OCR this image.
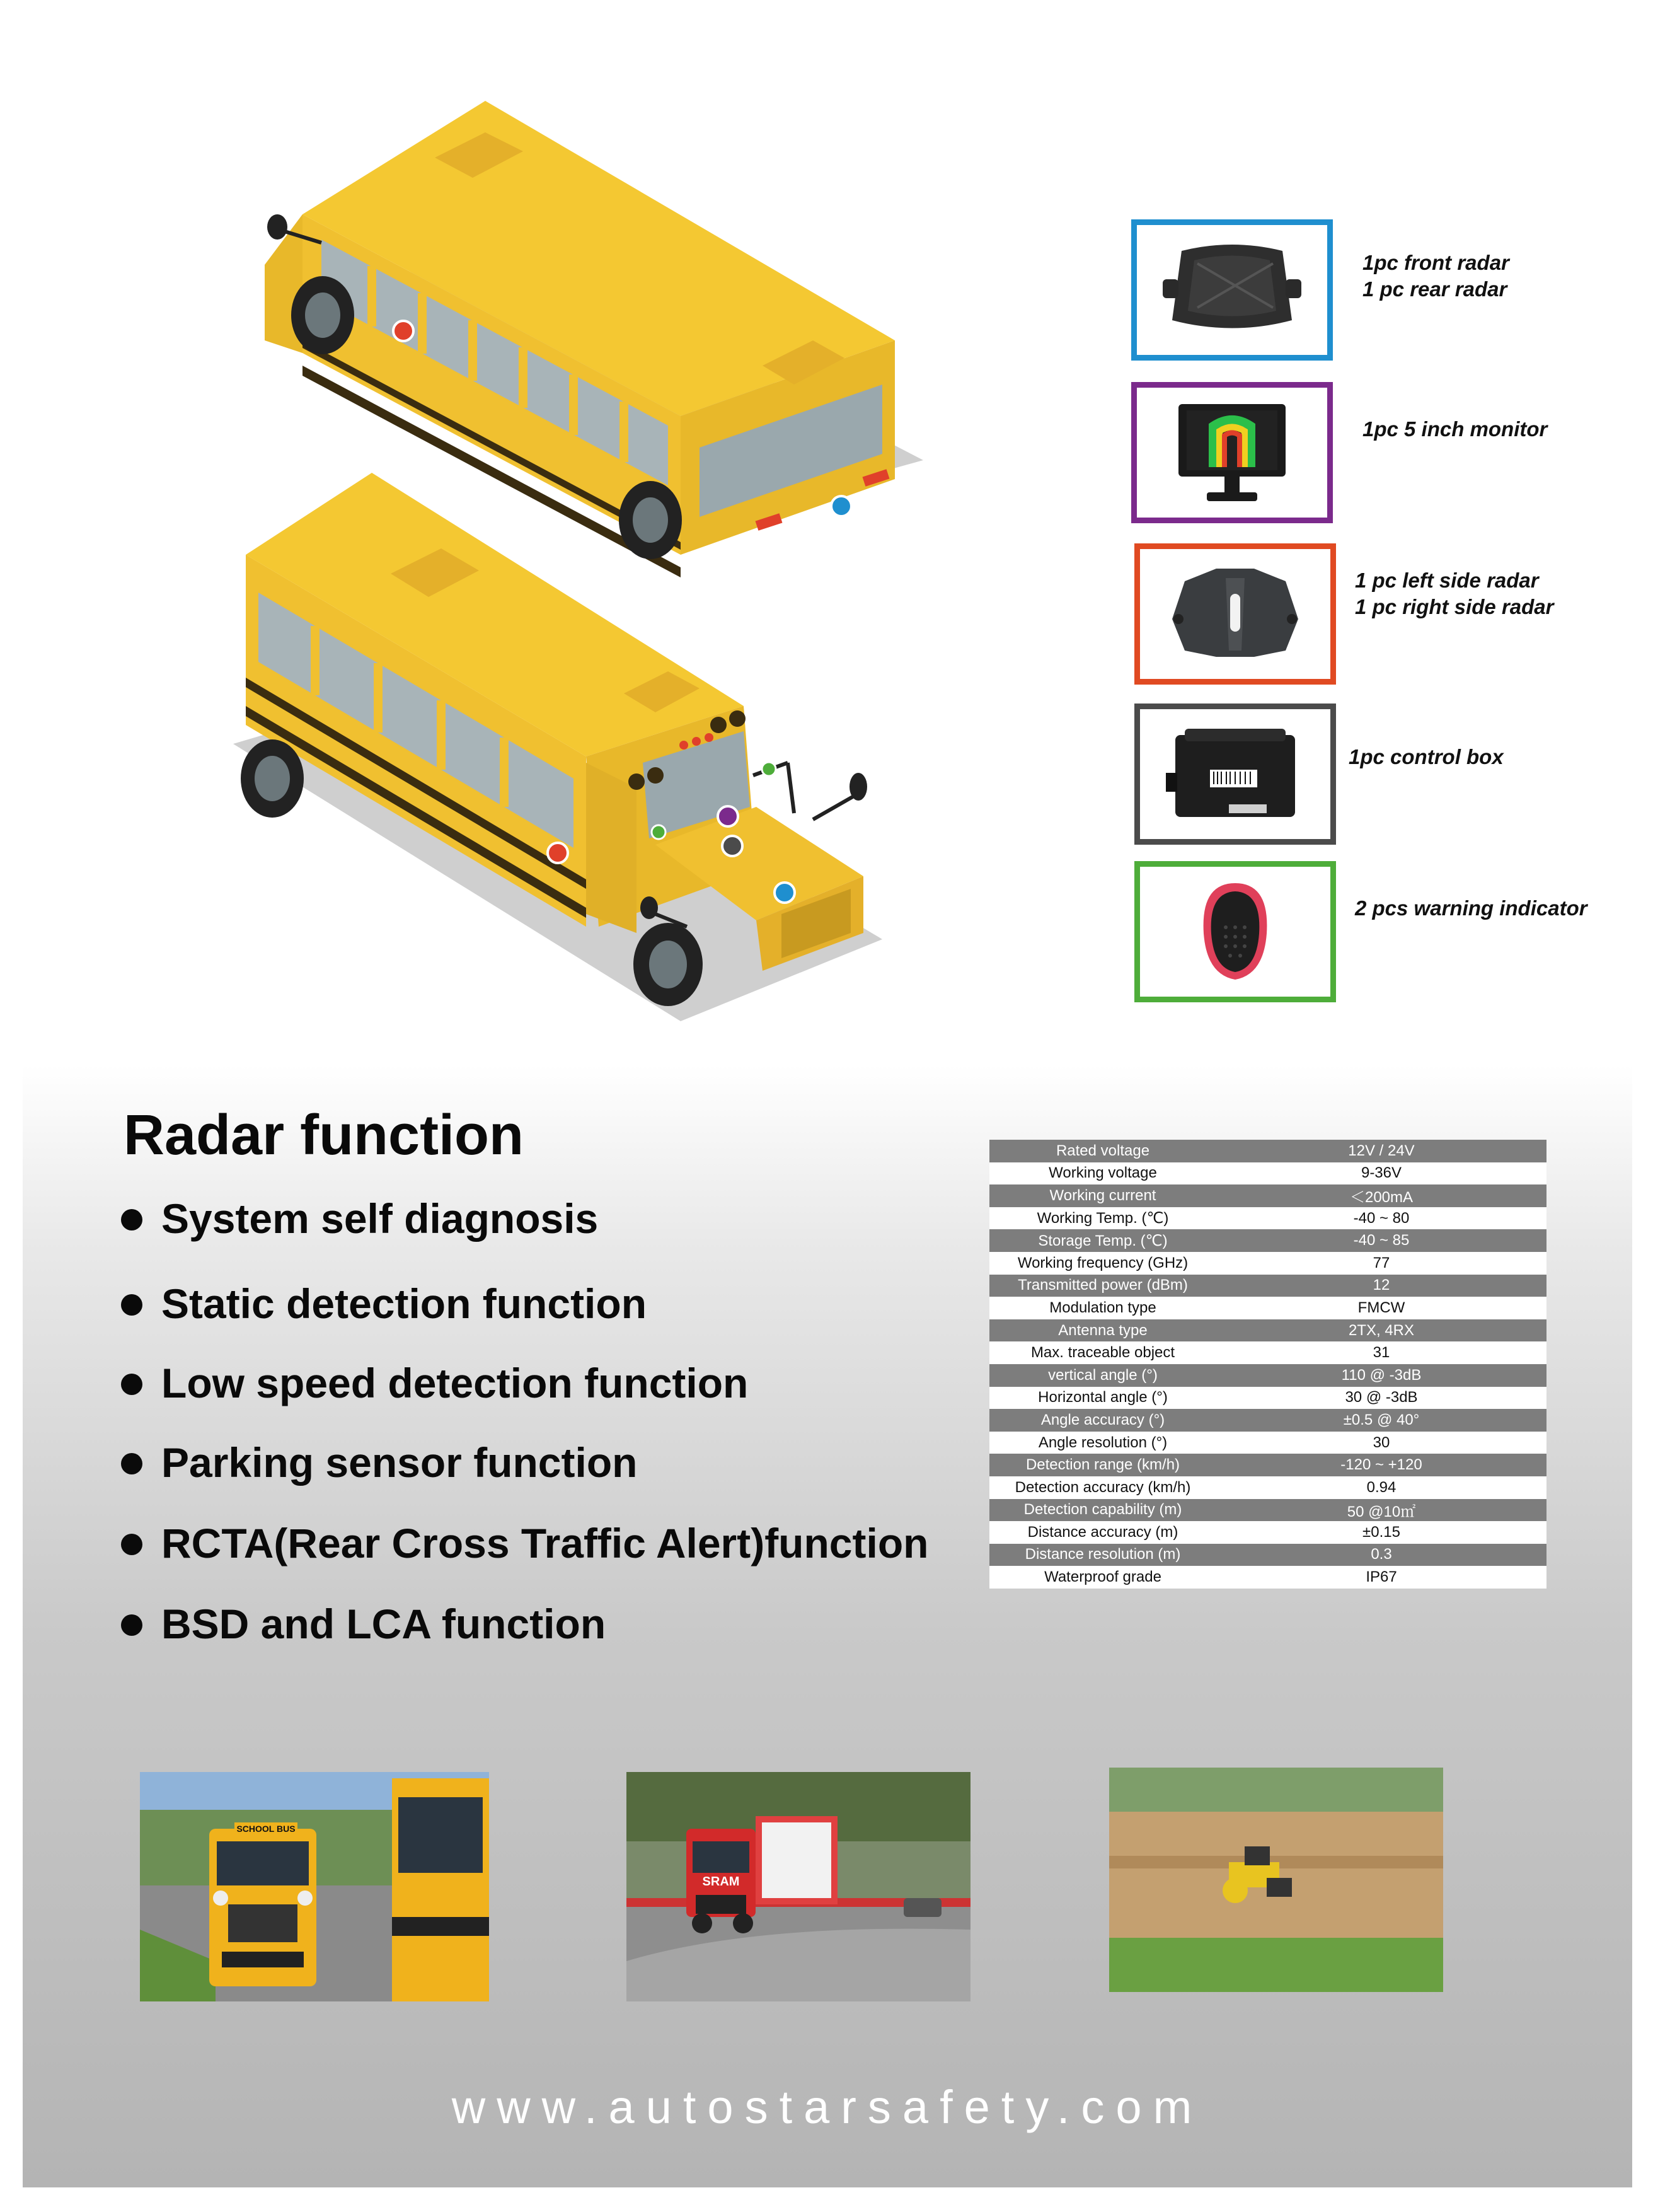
1pc front radar
1 pc rear radar
1pc 5 inch monitor
1 pc left side radar
1 pc right side radar
1pc control box
2 pcs warning indicator
Radar function
System self diagnosis
Static detection function
Low speed detection function
Parking sensor function
RCTA(Rear Cross Traffic Alert)function
BSD and LCA function
Rated voltage	12V / 24V
Working voltage	9-36V
Working current	＜200mA
Working Temp. (℃)	-40 ~ 80
Storage Temp. (℃)	-40 ~ 85
Working frequency (GHz)	77
Transmitted power (dBm)	12
Modulation type	FMCW
Antenna type	2TX, 4RX
Max. traceable object	31
vertical angle (°)	110 @ -3dB
Horizontal angle (°)	30 @ -3dB
Angle accuracy (°)	±0.5 @ 40°
Angle resolution (°)	30
Detection range (km/h)	-120 ~ +120
Detection accuracy (km/h)	0.94
Detection capability (m)	50 @10㎡
Distance accuracy (m)	±0.15
Distance resolution (m)	0.3
Waterproof grade	IP67
SCHOOL BUS
SRAM
www.autostarsafety.com
